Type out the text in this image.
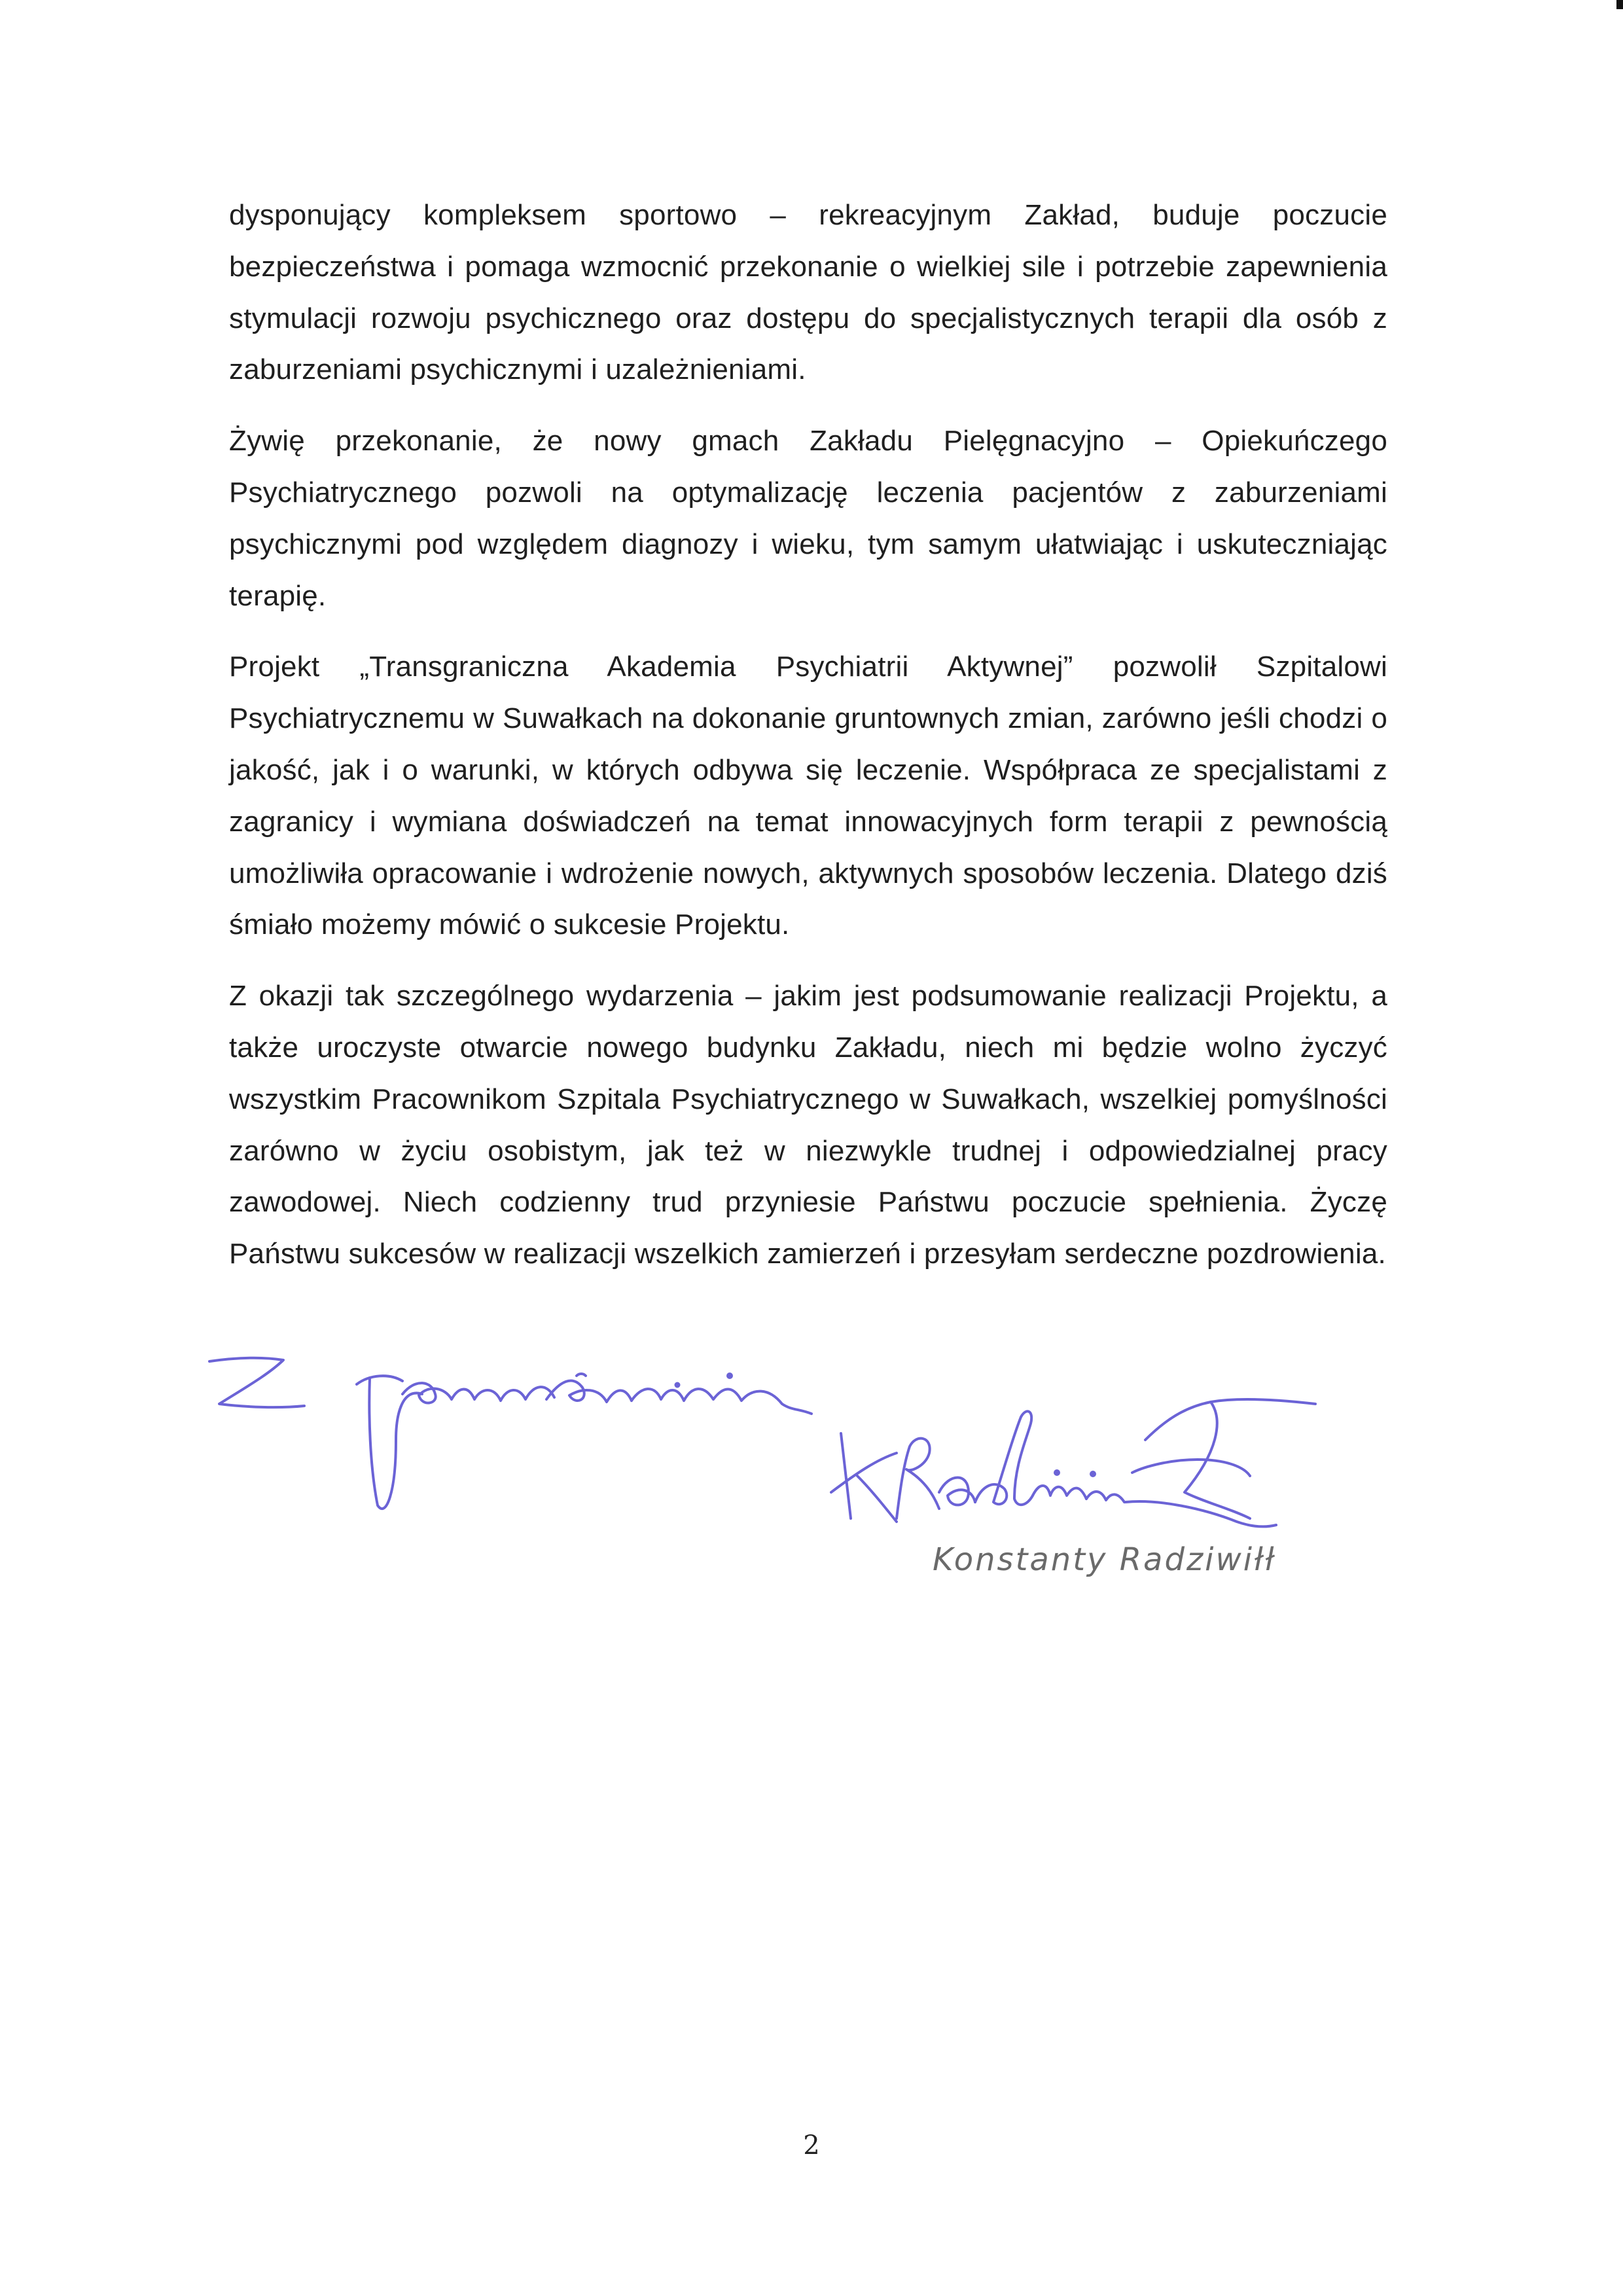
dysponujący kompleksem sportowo – rekreacyjnym Zakład, buduje poczucie bezpieczeństwa i pomaga wzmocnić przekonanie o wielkiej sile i potrzebie zapewnienia stymulacji rozwoju psychicznego oraz dostępu do specjalistycznych terapii dla osób z zaburzeniami psychicznymi i uzależnieniami.

Żywię przekonanie, że nowy gmach Zakładu Pielęgnacyjno – Opiekuńczego Psychiatrycznego pozwoli na optymalizację leczenia pacjentów z zaburzeniami psychicznymi pod względem diagnozy i wieku, tym samym ułatwiając i uskuteczniając terapię.

Projekt „Transgraniczna Akademia Psychiatrii Aktywnej” pozwolił Szpitalowi Psychiatrycznemu w Suwałkach na dokonanie gruntownych zmian, zarówno jeśli chodzi o jakość, jak i o warunki, w których odbywa się leczenie. Współpraca ze specjalistami z zagranicy i wymiana doświadczeń na temat innowacyjnych form terapii z pewnością umożliwiła opracowanie i wdrożenie nowych, aktywnych sposobów leczenia. Dlatego dziś śmiało możemy mówić o sukcesie Projektu.

Z okazji tak szczególnego wydarzenia – jakim jest podsumowanie realizacji Projektu, a także uroczyste otwarcie nowego budynku Zakładu, niech mi będzie wolno życzyć wszystkim Pracownikom Szpitala Psychiatrycznego w Suwałkach, wszelkiej pomyślności zarówno w życiu osobistym, jak też w niezwykle trudnej i odpowiedzialnej pracy zawodowej. Niech codzienny trud przyniesie Państwu poczucie spełnienia. Życzę Państwu sukcesów w realizacji wszelkich zamierzeń i przesyłam serdeczne pozdrowienia.

Konstanty Radziwiłł
2
